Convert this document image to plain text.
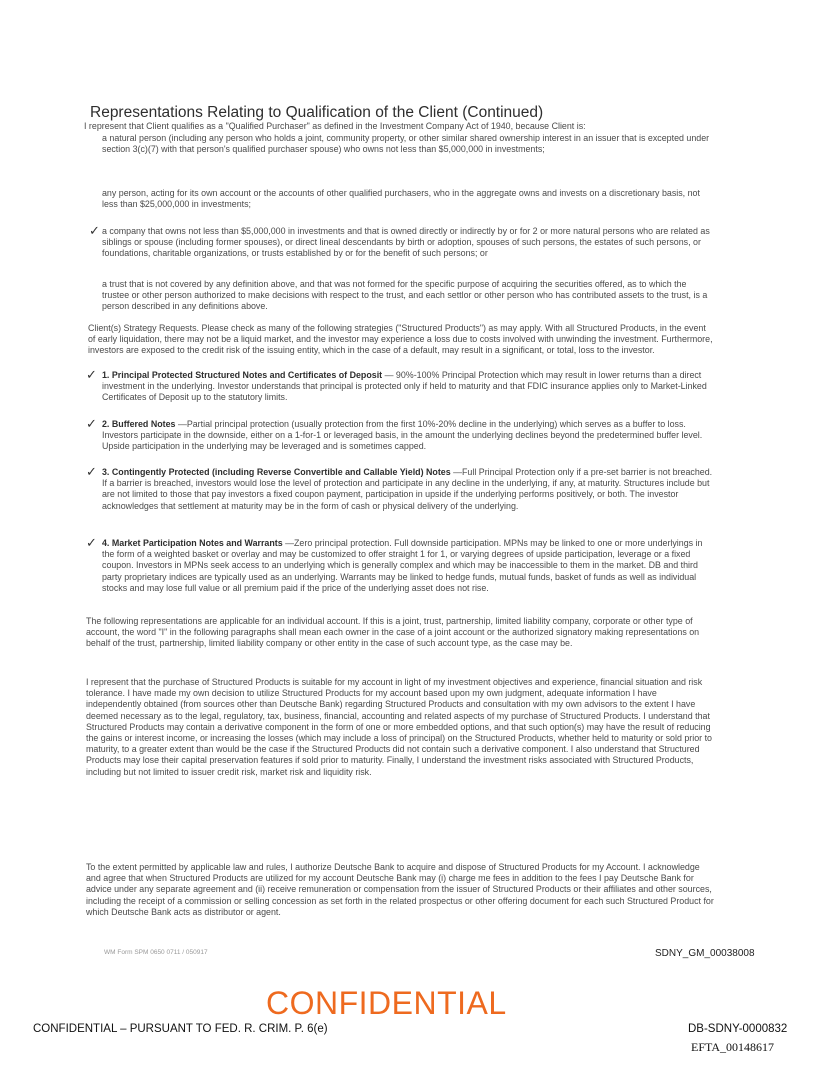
Representations Relating to Qualification of the Client (Continued)

I represent that Client qualifies as a "Qualified Purchaser" as defined in the Investment Company Act of 1940, because Client is:

a natural person (including any person who holds a joint, community property, or other similar shared ownership interest in an issuer that is excepted under section 3(c)(7) with that person's qualified purchaser spouse) who owns not less than $5,000,000 in investments;

any person, acting for its own account or the accounts of other qualified purchasers, who in the aggregate owns and invests on a discretionary basis, not less than $25,000,000 in investments;

✓ a company that owns not less than $5,000,000 in investments and that is owned directly or indirectly by or for 2 or more natural persons who are related as siblings or spouse (including former spouses), or direct lineal descendants by birth or adoption, spouses of such persons, the estates of such persons, or foundations, charitable organizations, or trusts established by or for the benefit of such persons; or

a trust that is not covered by any definition above, and that was not formed for the specific purpose of acquiring the securities offered, as to which the trustee or other person authorized to make decisions with respect to the trust, and each settlor or other person who has contributed assets to the trust, is a person described in any definitions above.

Client(s) Strategy Requests. Please check as many of the following strategies ("Structured Products") as may apply. With all Structured Products, in the event of early liquidation, there may not be a liquid market, and the investor may experience a loss due to costs involved with unwinding the investment. Furthermore, investors are exposed to the credit risk of the issuing entity, which in the case of a default, may result in a significant, or total, loss to the investor.

✓ 1. Principal Protected Structured Notes and Certificates of Deposit — 90%-100% Principal Protection which may result in lower returns than a direct investment in the underlying. Investor understands that principal is protected only if held to maturity and that FDIC insurance applies only to Market-Linked Certificates of Deposit up to the statutory limits.

✓ 2. Buffered Notes —Partial principal protection (usually protection from the first 10%-20% decline in the underlying) which serves as a buffer to loss. Investors participate in the downside, either on a 1-for-1 or leveraged basis, in the amount the underlying declines beyond the predetermined buffer level. Upside participation in the underlying may be leveraged and is sometimes capped.

✓ 3. Contingently Protected (including Reverse Convertible and Callable Yield) Notes —Full Principal Protection only if a pre-set barrier is not breached. If a barrier is breached, investors would lose the level of protection and participate in any decline in the underlying, if any, at maturity. Structures include but are not limited to those that pay investors a fixed coupon payment, participation in upside if the underlying performs positively, or both. The investor acknowledges that settlement at maturity may be in the form of cash or physical delivery of the underlying.

✓ 4. Market Participation Notes and Warrants —Zero principal protection. Full downside participation. MPNs may be linked to one or more underlyings in the form of a weighted basket or overlay and may be customized to offer straight 1 for 1, or varying degrees of upside participation, leverage or a fixed coupon. Investors in MPNs seek access to an underlying which is generally complex and which may be inaccessible to them in the market. DB and third party proprietary indices are typically used as an underlying. Warrants may be linked to hedge funds, mutual funds, basket of funds as well as individual stocks and may lose full value or all premium paid if the price of the underlying asset does not rise.

The following representations are applicable for an individual account. If this is a joint, trust, partnership, limited liability company, corporate or other type of account, the word "I" in the following paragraphs shall mean each owner in the case of a joint account or the authorized signatory making representations on behalf of the trust, partnership, limited liability company or other entity in the case of such account type, as the case may be.

I represent that the purchase of Structured Products is suitable for my account in light of my investment objectives and experience, financial situation and risk tolerance. I have made my own decision to utilize Structured Products for my account based upon my own judgment, adequate information I have independently obtained (from sources other than Deutsche Bank) regarding Structured Products and consultation with my own advisors to the extent I have deemed necessary as to the legal, regulatory, tax, business, financial, accounting and related aspects of my purchase of Structured Products. I understand that Structured Products may contain a derivative component in the form of one or more embedded options, and that such option(s) may have the result of reducing the gains or interest income, or increasing the losses (which may include a loss of principal) on the Structured Products, whether held to maturity or sold prior to maturity, to a greater extent than would be the case if the Structured Products did not contain such a derivative component. I also understand that Structured Products may lose their capital preservation features if sold prior to maturity. Finally, I understand the investment risks associated with Structured Products, including but not limited to issuer credit risk, market risk and liquidity risk.

To the extent permitted by applicable law and rules, I authorize Deutsche Bank to acquire and dispose of Structured Products for my Account. I acknowledge and agree that when Structured Products are utilized for my account Deutsche Bank may (i) charge me fees in addition to the fees I pay Deutsche Bank for advice under any separate agreement and (ii) receive remuneration or compensation from the issuer of Structured Products or their affiliates and other sources, including the receipt of a commission or selling concession as set forth in the related prospectus or other offering document for each such Structured Product for which Deutsche Bank acts as distributor or agent.

WM Form SPM 0650 0711 / 050917	SDNY_GM_00038008
CONFIDENTIAL
CONFIDENTIAL – PURSUANT TO FED. R. CRIM. P. 6(e)	DB-SDNY-0000832
EFTA_00148617
